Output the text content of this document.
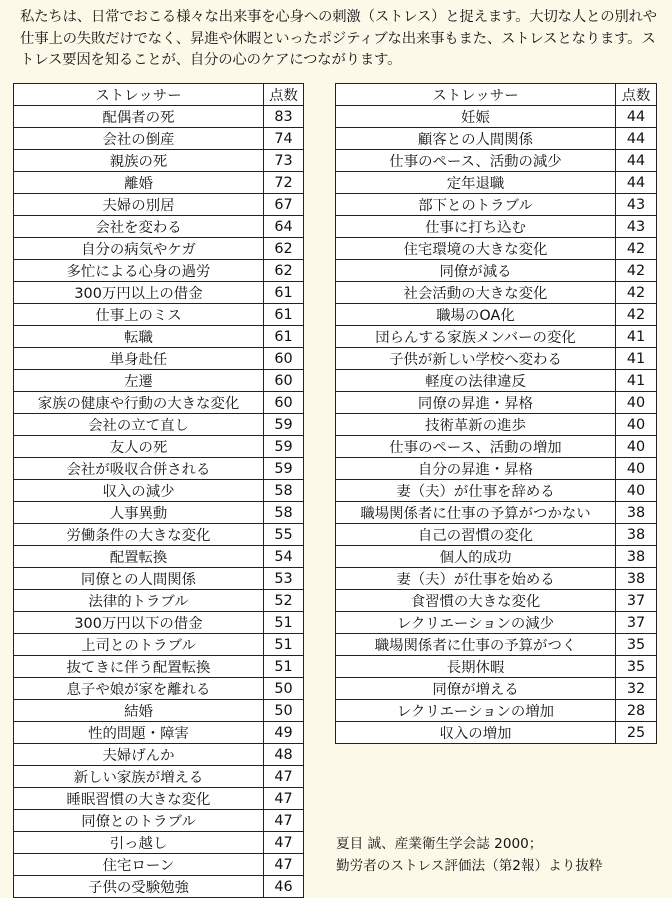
私たちは、日常でおこる様々な出来事を心身への刺激（ストレス）と捉えます。大切な人との別れや仕事上の失敗だけでなく、昇進や休暇といったポジティブな出来事もまた、ストレスとなります。ストレス要因を知ることが、自分の心のケアにつながります。

ストレッサー	点数
配偶者の死	83
会社の倒産	74
親族の死	73
離婚	72
夫婦の別居	67
会社を変わる	64
自分の病気やケガ	62
多忙による心身の過労	62
300万円以上の借金	61
仕事上のミス	61
転職	61
単身赴任	60
左遷	60
家族の健康や行動の大きな変化	60
会社の立て直し	59
友人の死	59
会社が吸収合併される	59
収入の減少	58
人事異動	58
労働条件の大きな変化	55
配置転換	54
同僚との人間関係	53
法律的トラブル	52
300万円以下の借金	51
上司とのトラブル	51
抜てきに伴う配置転換	51
息子や娘が家を離れる	50
結婚	50
性的問題・障害	49
夫婦げんか	48
新しい家族が増える	47
睡眠習慣の大きな変化	47
同僚とのトラブル	47
引っ越し	47
住宅ローン	47
子供の受験勉強	46
ストレッサー	点数
妊娠	44
顧客との人間関係	44
仕事のペース、活動の減少	44
定年退職	44
部下とのトラブル	43
仕事に打ち込む	43
住宅環境の大きな変化	42
同僚が減る	42
社会活動の大きな変化	42
職場のOA化	42
団らんする家族メンバーの変化	41
子供が新しい学校へ変わる	41
軽度の法律違反	41
同僚の昇進・昇格	40
技術革新の進歩	40
仕事のペース、活動の増加	40
自分の昇進・昇格	40
妻（夫）が仕事を辞める	40
職場関係者に仕事の予算がつかない	38
自己の習慣の変化	38
個人的成功	38
妻（夫）が仕事を始める	38
食習慣の大きな変化	37
レクリエーションの減少	37
職場関係者に仕事の予算がつく	35
長期休暇	35
同僚が増える	32
レクリエーションの増加	28
収入の増加	25

夏目 誠、産業衛生学会誌 2000；
勤労者のストレス評価法（第2報）より抜粋
